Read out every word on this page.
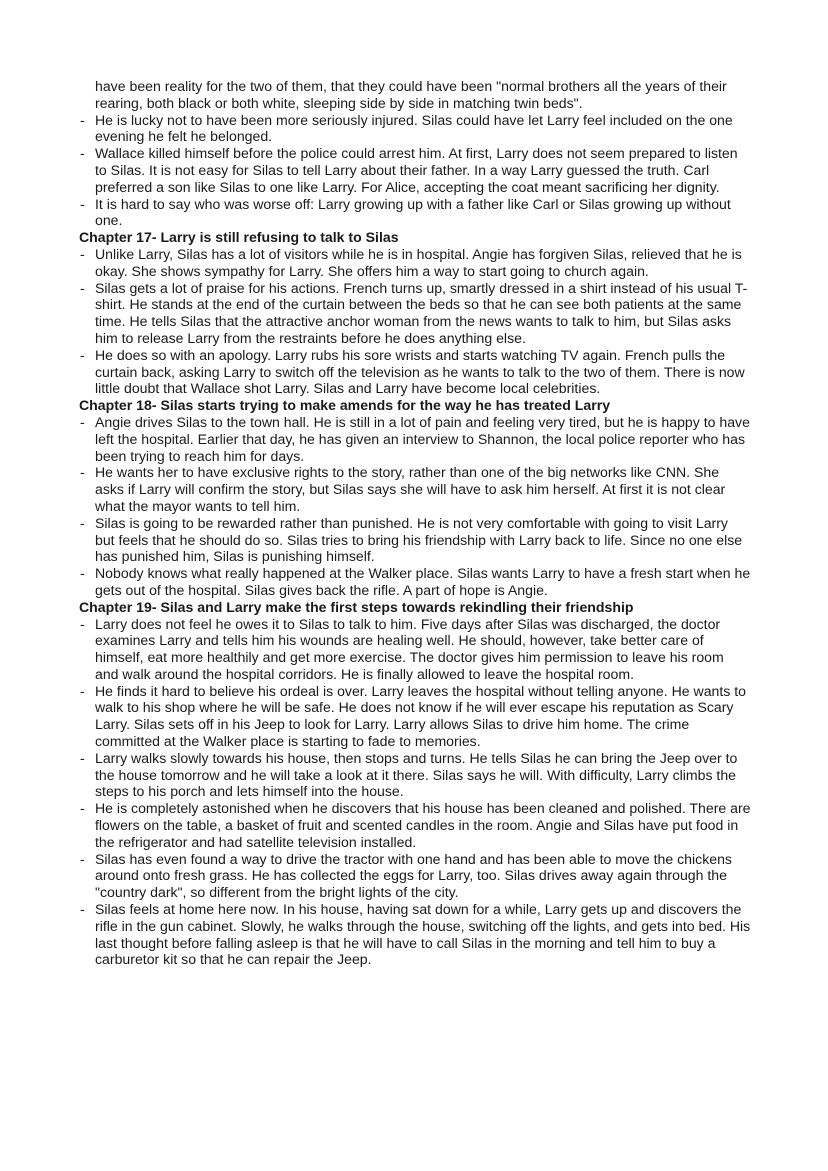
have been reality for the two of them, that they could have been "normal brothers all the years of their rearing, both black or both white, sleeping side by side in matching twin beds".

- He is lucky not to have been more seriously injured. Silas could have let Larry feel included on the one evening he felt he belonged.
- Wallace killed himself before the police could arrest him. At first, Larry does not seem prepared to listen to Silas. It is not easy for Silas to tell Larry about their father. In a way Larry guessed the truth. Carl preferred a son like Silas to one like Larry. For Alice, accepting the coat meant sacrificing her dignity.
- It is hard to say who was worse off: Larry growing up with a father like Carl or Silas growing up without one.

Chapter 17- Larry is still refusing to talk to Silas

- Unlike Larry, Silas has a lot of visitors while he is in hospital. Angie has forgiven Silas, relieved that he is okay. She shows sympathy for Larry. She offers him a way to start going to church again.
- Silas gets a lot of praise for his actions. French turns up, smartly dressed in a shirt instead of his usual T-shirt. He stands at the end of the curtain between the beds so that he can see both patients at the same time. He tells Silas that the attractive anchor woman from the news wants to talk to him, but Silas asks him to release Larry from the restraints before he does anything else.
- He does so with an apology. Larry rubs his sore wrists and starts watching TV again. French pulls the curtain back, asking Larry to switch off the television as he wants to talk to the two of them. There is now little doubt that Wallace shot Larry. Silas and Larry have become local celebrities.

Chapter 18- Silas starts trying to make amends for the way he has treated Larry

- Angie drives Silas to the town hall. He is still in a lot of pain and feeling very tired, but he is happy to have left the hospital. Earlier that day, he has given an interview to Shannon, the local police reporter who has been trying to reach him for days.
- He wants her to have exclusive rights to the story, rather than one of the big networks like CNN. She asks if Larry will confirm the story, but Silas says she will have to ask him herself. At first it is not clear what the mayor wants to tell him.
- Silas is going to be rewarded rather than punished. He is not very comfortable with going to visit Larry but feels that he should do so. Silas tries to bring his friendship with Larry back to life. Since no one else has punished him, Silas is punishing himself.
- Nobody knows what really happened at the Walker place. Silas wants Larry to have a fresh start when he gets out of the hospital. Silas gives back the rifle. A part of hope is Angie.

Chapter 19- Silas and Larry make the first steps towards rekindling their friendship

- Larry does not feel he owes it to Silas to talk to him. Five days after Silas was discharged, the doctor examines Larry and tells him his wounds are healing well. He should, however, take better care of himself, eat more healthily and get more exercise. The doctor gives him permission to leave his room and walk around the hospital corridors. He is finally allowed to leave the hospital room.
- He finds it hard to believe his ordeal is over. Larry leaves the hospital without telling anyone. He wants to walk to his shop where he will be safe. He does not know if he will ever escape his reputation as Scary Larry. Silas sets off in his Jeep to look for Larry. Larry allows Silas to drive him home. The crime committed at the Walker place is starting to fade to memories.
- Larry walks slowly towards his house, then stops and turns. He tells Silas he can bring the Jeep over to the house tomorrow and he will take a look at it there. Silas says he will. With difficulty, Larry climbs the steps to his porch and lets himself into the house.
- He is completely astonished when he discovers that his house has been cleaned and polished. There are flowers on the table, a basket of fruit and scented candles in the room. Angie and Silas have put food in the refrigerator and had satellite television installed.
- Silas has even found a way to drive the tractor with one hand and has been able to move the chickens around onto fresh grass. He has collected the eggs for Larry, too. Silas drives away again through the "country dark", so different from the bright lights of the city.
- Silas feels at home here now. In his house, having sat down for a while, Larry gets up and discovers the rifle in the gun cabinet. Slowly, he walks through the house, switching off the lights, and gets into bed. His last thought before falling asleep is that he will have to call Silas in the morning and tell him to buy a carburetor kit so that he can repair the Jeep.
